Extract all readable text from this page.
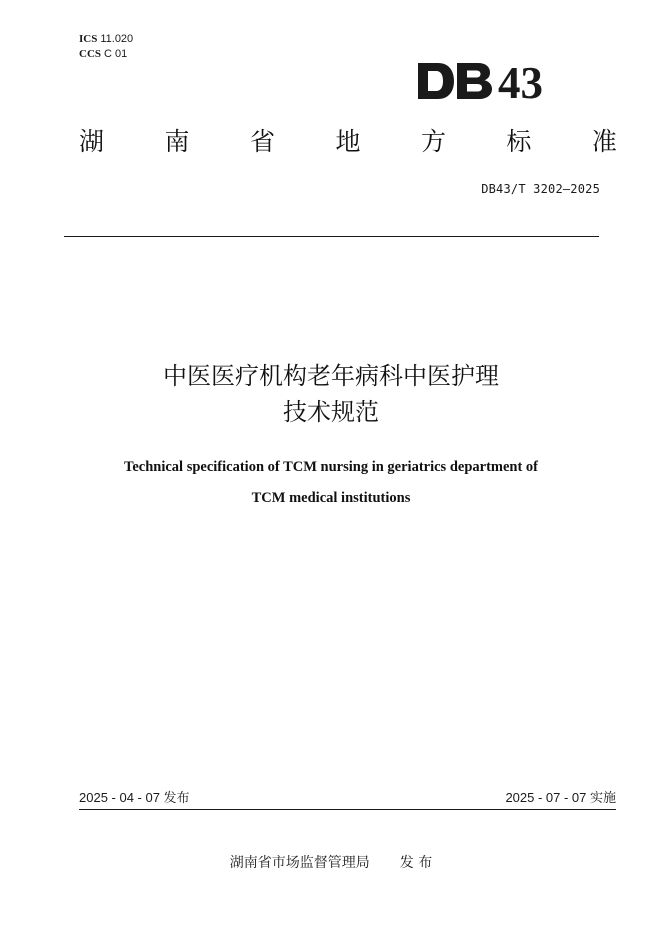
ICS 11.020
CCS C 01
43
湖 南 省 地 方 标 准
DB43/T 3202—2025
中医医疗机构老年病科中医护理
技术规范
Technical specification of TCM nursing in geriatrics department of
TCM medical institutions
2025 - 04 - 07 发布	2025 - 07 - 07 实施
湖南省市场监督管理局 发 布
